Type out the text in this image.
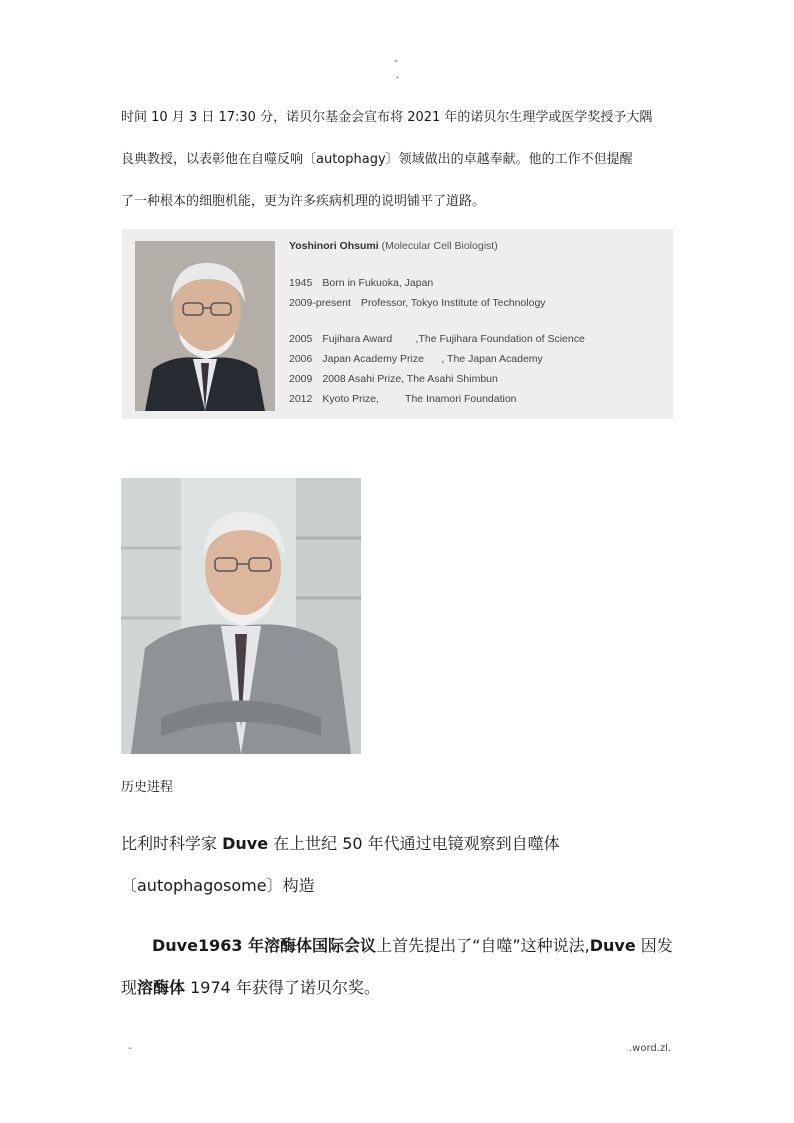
-
.
时间 10 月 3 日 17:30 分，诺贝尔基金会宣布将 2021 年的诺贝尔生理学或医学奖授予大隅
良典教授，以表彰他在自噬反响〔autophagy〕领域做出的卓越奉献。他的工作不但提醒
了一种根本的细胞机能，更为许多疾病机理的说明铺平了道路。
Yoshinori Ohsumi (Molecular Cell Biologist)
1945 Born in Fukuoka, Japan
2009-present Professor, Tokyo Institute of Technology
2005 Fujihara Award        ,The Fujihara Foundation of Science
2006 Japan Academy Prize      , The Japan Academy
2009 2008 Asahi Prize, The Asahi Shimbun
2012 Kyoto Prize,         The Inamori Foundation
历史进程
比利时科学家 Duve 在上世纪 50 年代通过电镜观察到自噬体
〔autophagosome〕构造
Duve1963 年溶酶体国际会议上首先提出了“自噬”这种说法,Duve 因发
现溶酶体 1974 年获得了诺贝尔奖。
-	.word.zl.
